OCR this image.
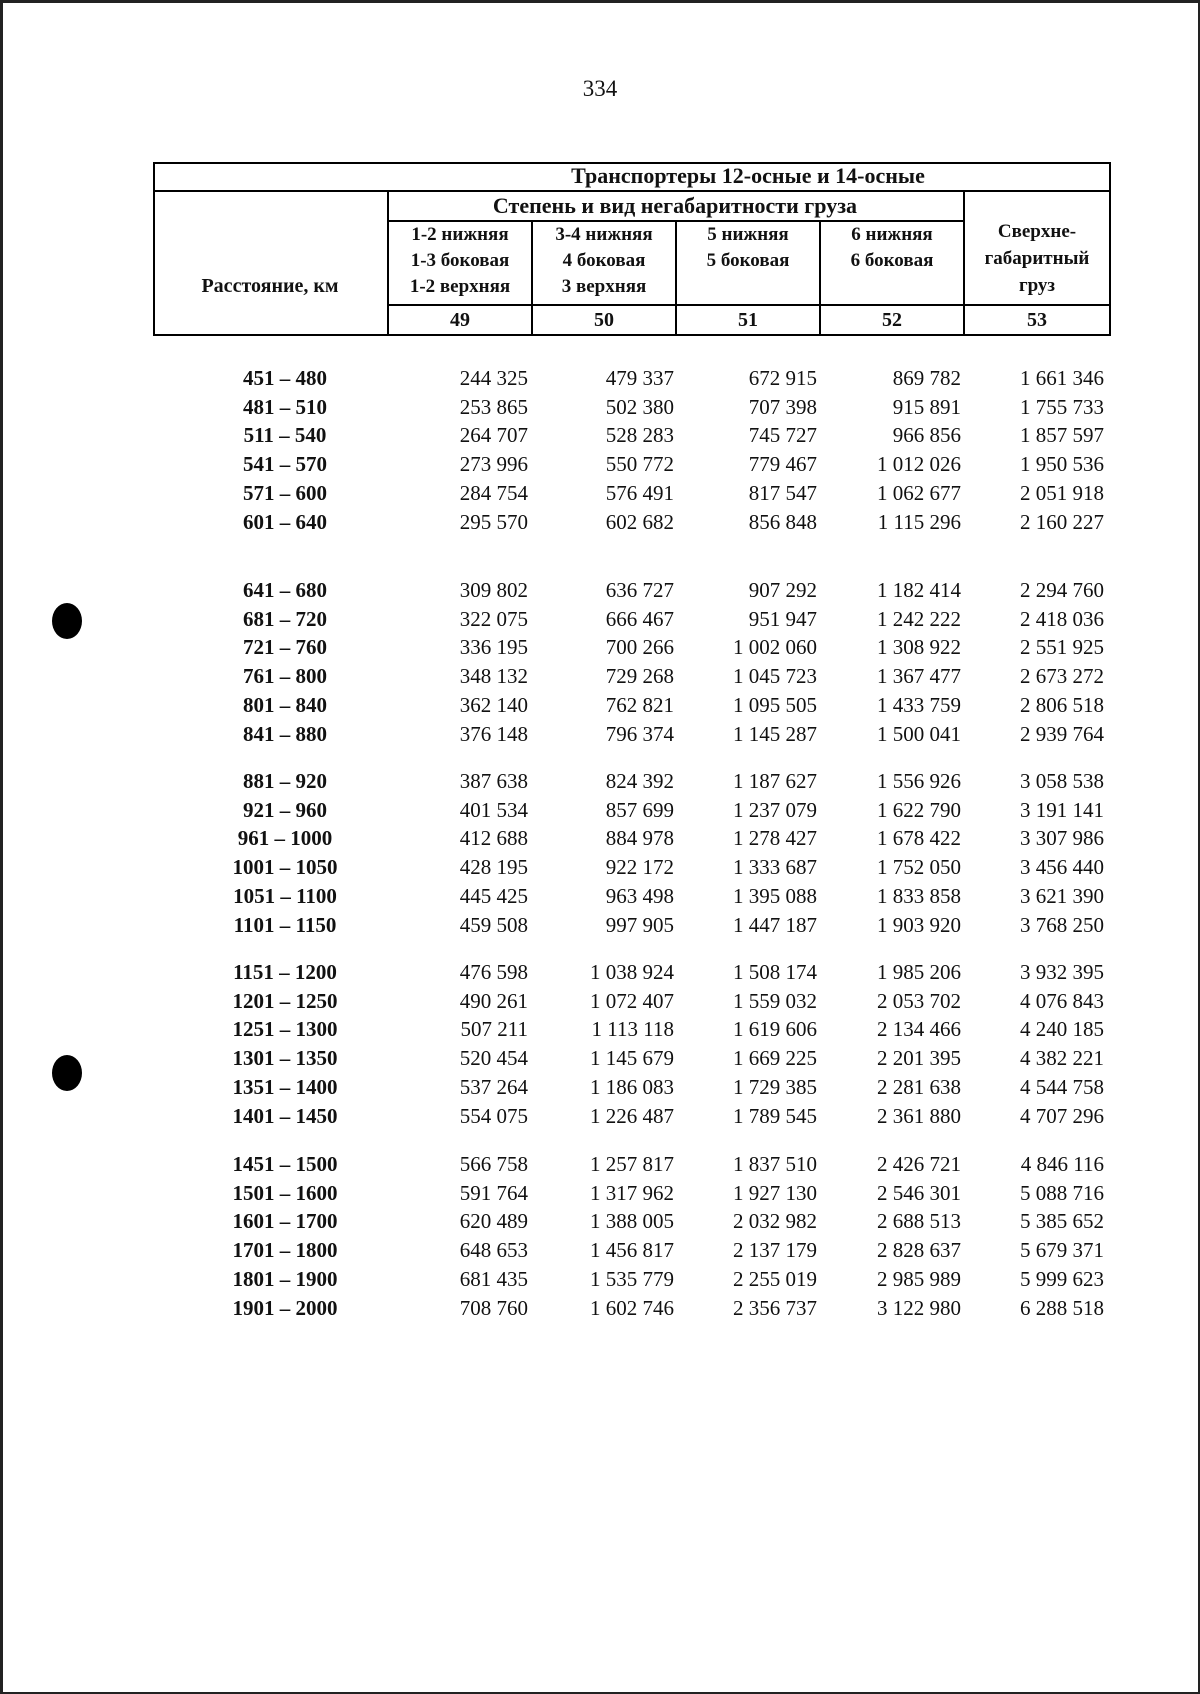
334
Транспортеры 12-осные и 14-осные
Расстояние, км
Степень и вид негабаритности груза
1-2 нижняя
1-3 боковая
1-2 верхняя
3-4 нижняя
4 боковая
3 верхняя
5 нижняя
5 боковая
6 нижняя
6 боковая
Сверхне-
габаритный
груз
49	50	51	52	53
451 – 480	244 325	479 337	672 915	869 782	1 661 346
481 – 510	253 865	502 380	707 398	915 891	1 755 733
511 – 540	264 707	528 283	745 727	966 856	1 857 597
541 – 570	273 996	550 772	779 467	1 012 026	1 950 536
571 – 600	284 754	576 491	817 547	1 062 677	2 051 918
601 – 640	295 570	602 682	856 848	1 115 296	2 160 227
641 – 680	309 802	636 727	907 292	1 182 414	2 294 760
681 – 720	322 075	666 467	951 947	1 242 222	2 418 036
721 – 760	336 195	700 266	1 002 060	1 308 922	2 551 925
761 – 800	348 132	729 268	1 045 723	1 367 477	2 673 272
801 – 840	362 140	762 821	1 095 505	1 433 759	2 806 518
841 – 880	376 148	796 374	1 145 287	1 500 041	2 939 764
881 – 920	387 638	824 392	1 187 627	1 556 926	3 058 538
921 – 960	401 534	857 699	1 237 079	1 622 790	3 191 141
961 – 1000	412 688	884 978	1 278 427	1 678 422	3 307 986
1001 – 1050	428 195	922 172	1 333 687	1 752 050	3 456 440
1051 – 1100	445 425	963 498	1 395 088	1 833 858	3 621 390
1101 – 1150	459 508	997 905	1 447 187	1 903 920	3 768 250
1151 – 1200	476 598	1 038 924	1 508 174	1 985 206	3 932 395
1201 – 1250	490 261	1 072 407	1 559 032	2 053 702	4 076 843
1251 – 1300	507 211	1 113 118	1 619 606	2 134 466	4 240 185
1301 – 1350	520 454	1 145 679	1 669 225	2 201 395	4 382 221
1351 – 1400	537 264	1 186 083	1 729 385	2 281 638	4 544 758
1401 – 1450	554 075	1 226 487	1 789 545	2 361 880	4 707 296
1451 – 1500	566 758	1 257 817	1 837 510	2 426 721	4 846 116
1501 – 1600	591 764	1 317 962	1 927 130	2 546 301	5 088 716
1601 – 1700	620 489	1 388 005	2 032 982	2 688 513	5 385 652
1701 – 1800	648 653	1 456 817	2 137 179	2 828 637	5 679 371
1801 – 1900	681 435	1 535 779	2 255 019	2 985 989	5 999 623
1901 – 2000	708 760	1 602 746	2 356 737	3 122 980	6 288 518
